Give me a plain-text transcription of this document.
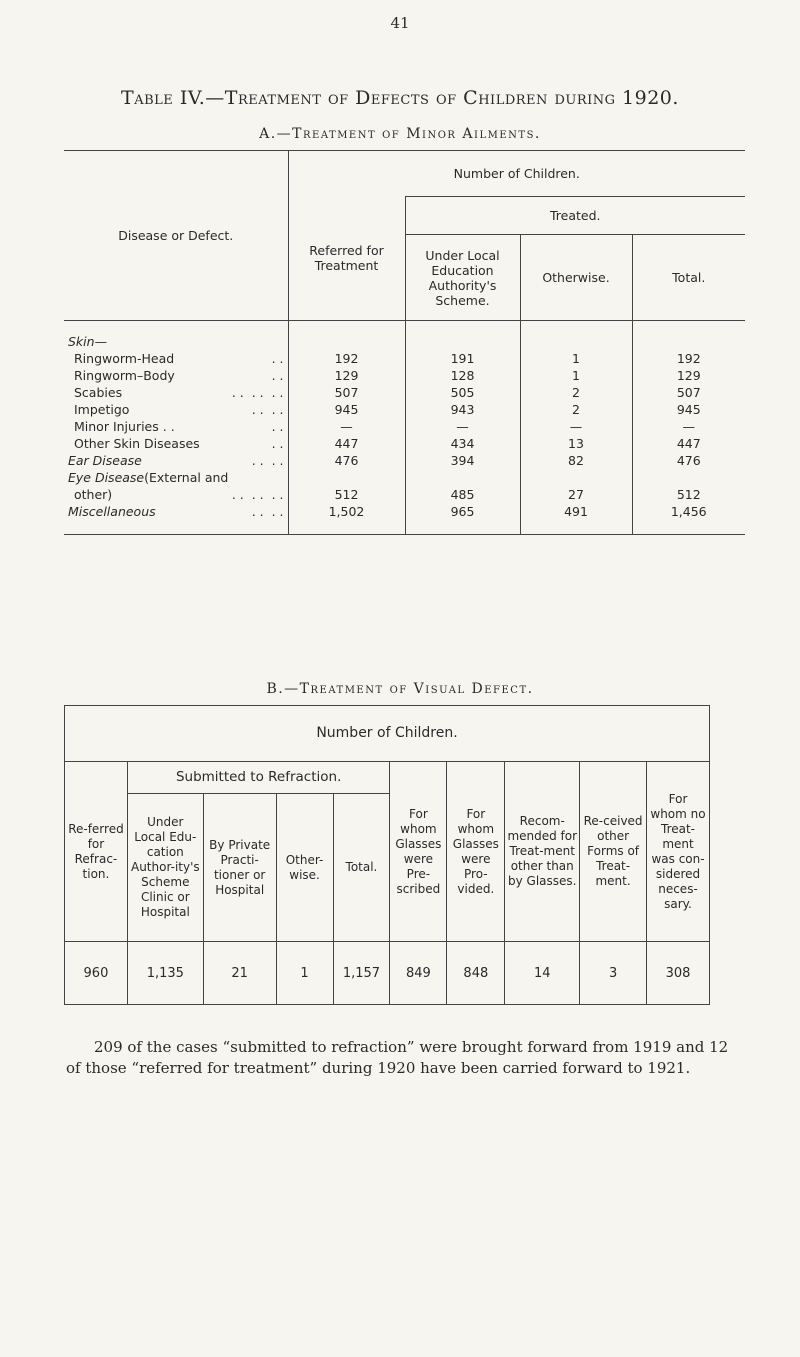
41
Table IV.—Treatment of Defects of Children during 1920.
A.—Treatment of Minor Ailments.
Disease or Defect.	Number of Children.			
	Referred for Treatment	Treated.		
		Under Local Education Authority's Scheme.	Otherwise.	Total.
Skin—				
Ringworm-Head . .	192	191	1	192
Ringworm–Body . .	129	128	1	129
Scabies . .  . .  . .	507	505	2	507
Impetigo . .  . .	945	943	2	945
Minor Injuries . . . .	—	—	—	—
Other Skin Diseases . .	447	434	13	447
Ear Disease . .  . .	476	394	82	476
Eye Disease(External and				
other) . .  . .  . .	512	485	27	512
Miscellaneous . .  . .	1,502	965	491	1,456
B.—Treatment of Visual Defect.
Number of Children.									
Re-ferred for Refrac-tion.	Submitted to Refraction.				For whom Glasses were Pre-scribed	For whom Glasses were Pro-vided.	Recom-mended for Treat-ment other than by Glasses.	Re-ceived other Forms of Treat-ment.	For whom no Treat-ment was con-sidered neces-sary.
	Under Local Edu-cation Author-ity's Scheme Clinic or Hospital	By Private Practi-tioner or Hospital	Other-wise.	Total.					
960	1,135	21	1	1,157	849	848	14	3	308
209 of the cases “submitted to refraction” were brought forward from 1919 and 12 of those “referred for treatment” during 1920 have been carried forward to 1921.
